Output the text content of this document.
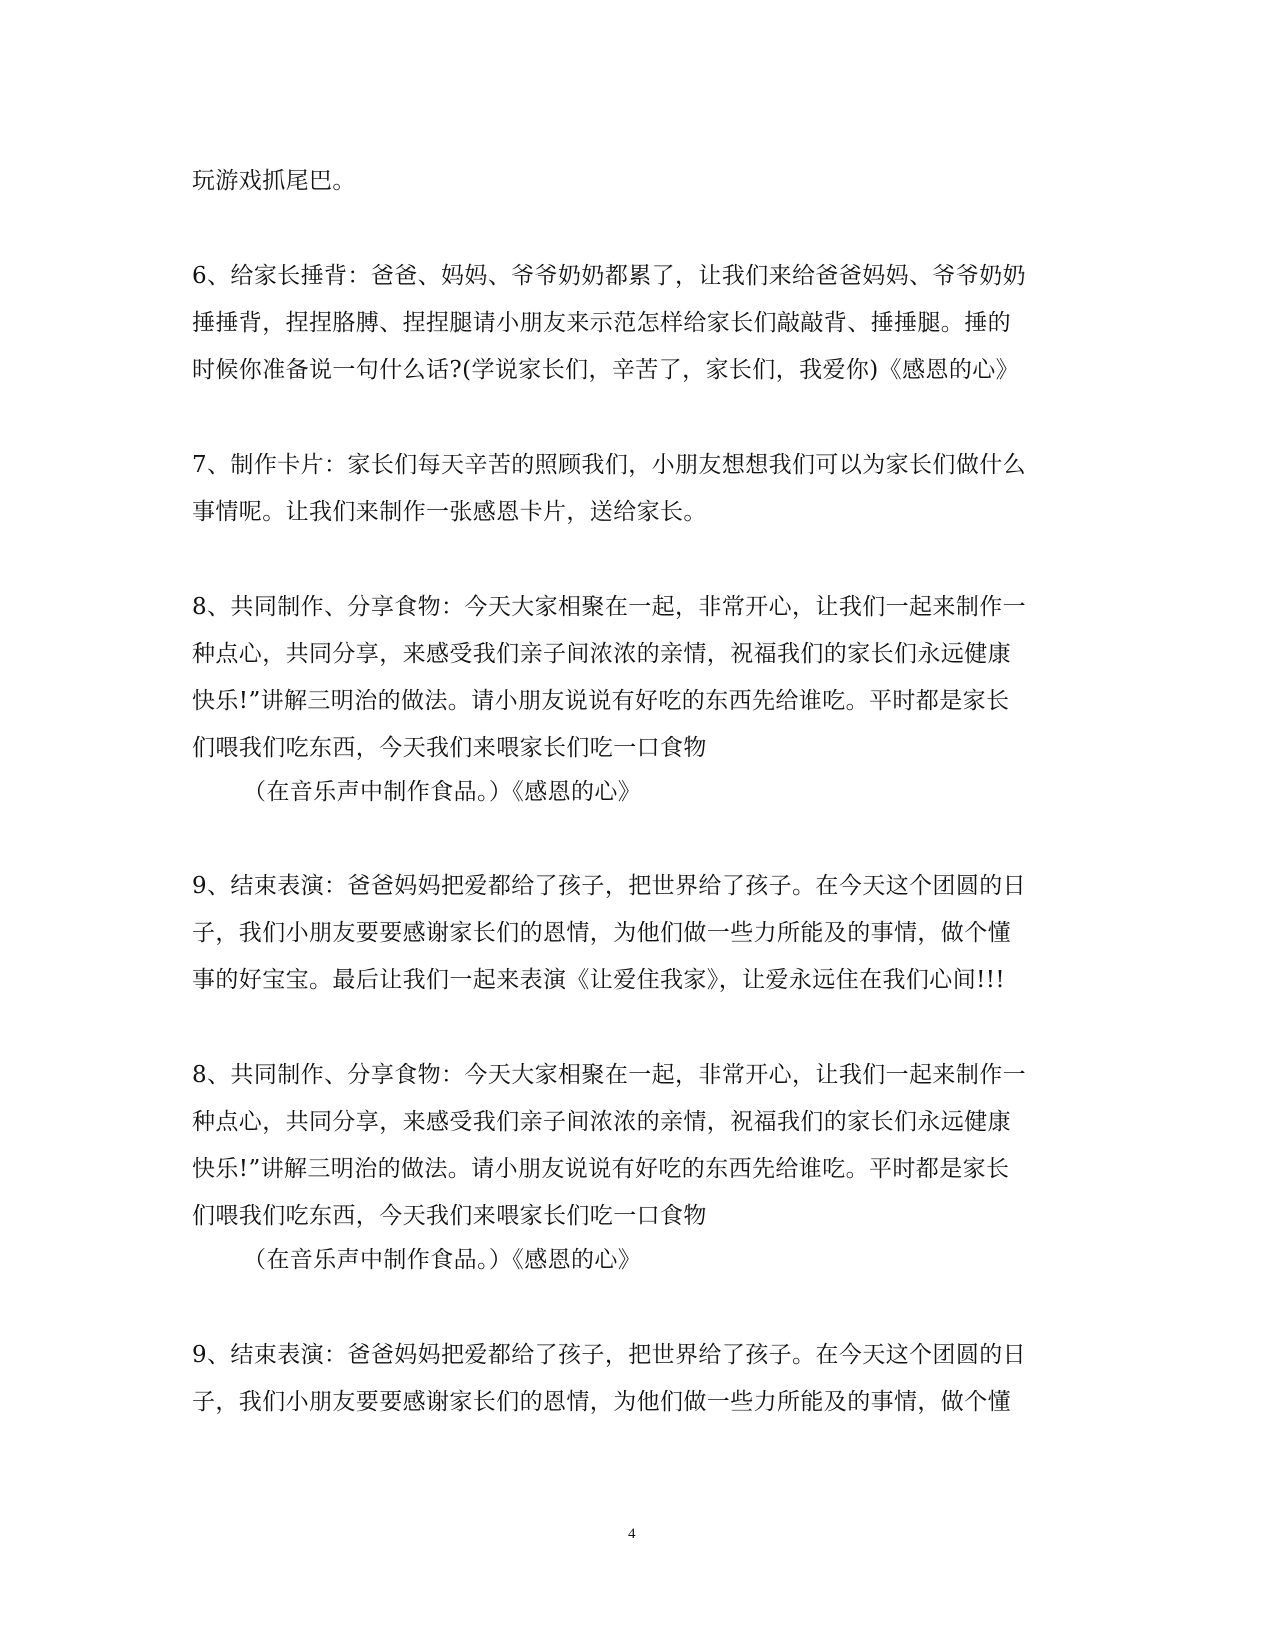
玩游戏抓尾巴。
6、给家长捶背：爸爸、妈妈、爷爷奶奶都累了，让我们来给爸爸妈妈、爷爷奶奶
捶捶背，捏捏胳膊、捏捏腿请小朋友来示范怎样给家长们敲敲背、捶捶腿。捶的
时候你准备说一句什么话?(学说家长们，辛苦了，家长们，我爱你)《感恩的心》
7、制作卡片：家长们每天辛苦的照顾我们，小朋友想想我们可以为家长们做什么
事情呢。让我们来制作一张感恩卡片，送给家长。
8、共同制作、分享食物：今天大家相聚在一起，非常开心，让我们一起来制作一
种点心，共同分享，来感受我们亲子间浓浓的亲情，祝福我们的家长们永远健康
快乐!”讲解三明治的做法。请小朋友说说有好吃的东西先给谁吃。平时都是家长
们喂我们吃东西，今天我们来喂家长们吃一口食物
（在音乐声中制作食品。）《感恩的心》
9、结束表演：爸爸妈妈把爱都给了孩子，把世界给了孩子。在今天这个团圆的日
子，我们小朋友要要感谢家长们的恩情，为他们做一些力所能及的事情，做个懂
事的好宝宝。最后让我们一起来表演《让爱住我家》，让爱永远住在我们心间!!!
8、共同制作、分享食物：今天大家相聚在一起，非常开心，让我们一起来制作一
种点心，共同分享，来感受我们亲子间浓浓的亲情，祝福我们的家长们永远健康
快乐!”讲解三明治的做法。请小朋友说说有好吃的东西先给谁吃。平时都是家长
们喂我们吃东西，今天我们来喂家长们吃一口食物
（在音乐声中制作食品。）《感恩的心》
9、结束表演：爸爸妈妈把爱都给了孩子，把世界给了孩子。在今天这个团圆的日
子，我们小朋友要要感谢家长们的恩情，为他们做一些力所能及的事情，做个懂
4
